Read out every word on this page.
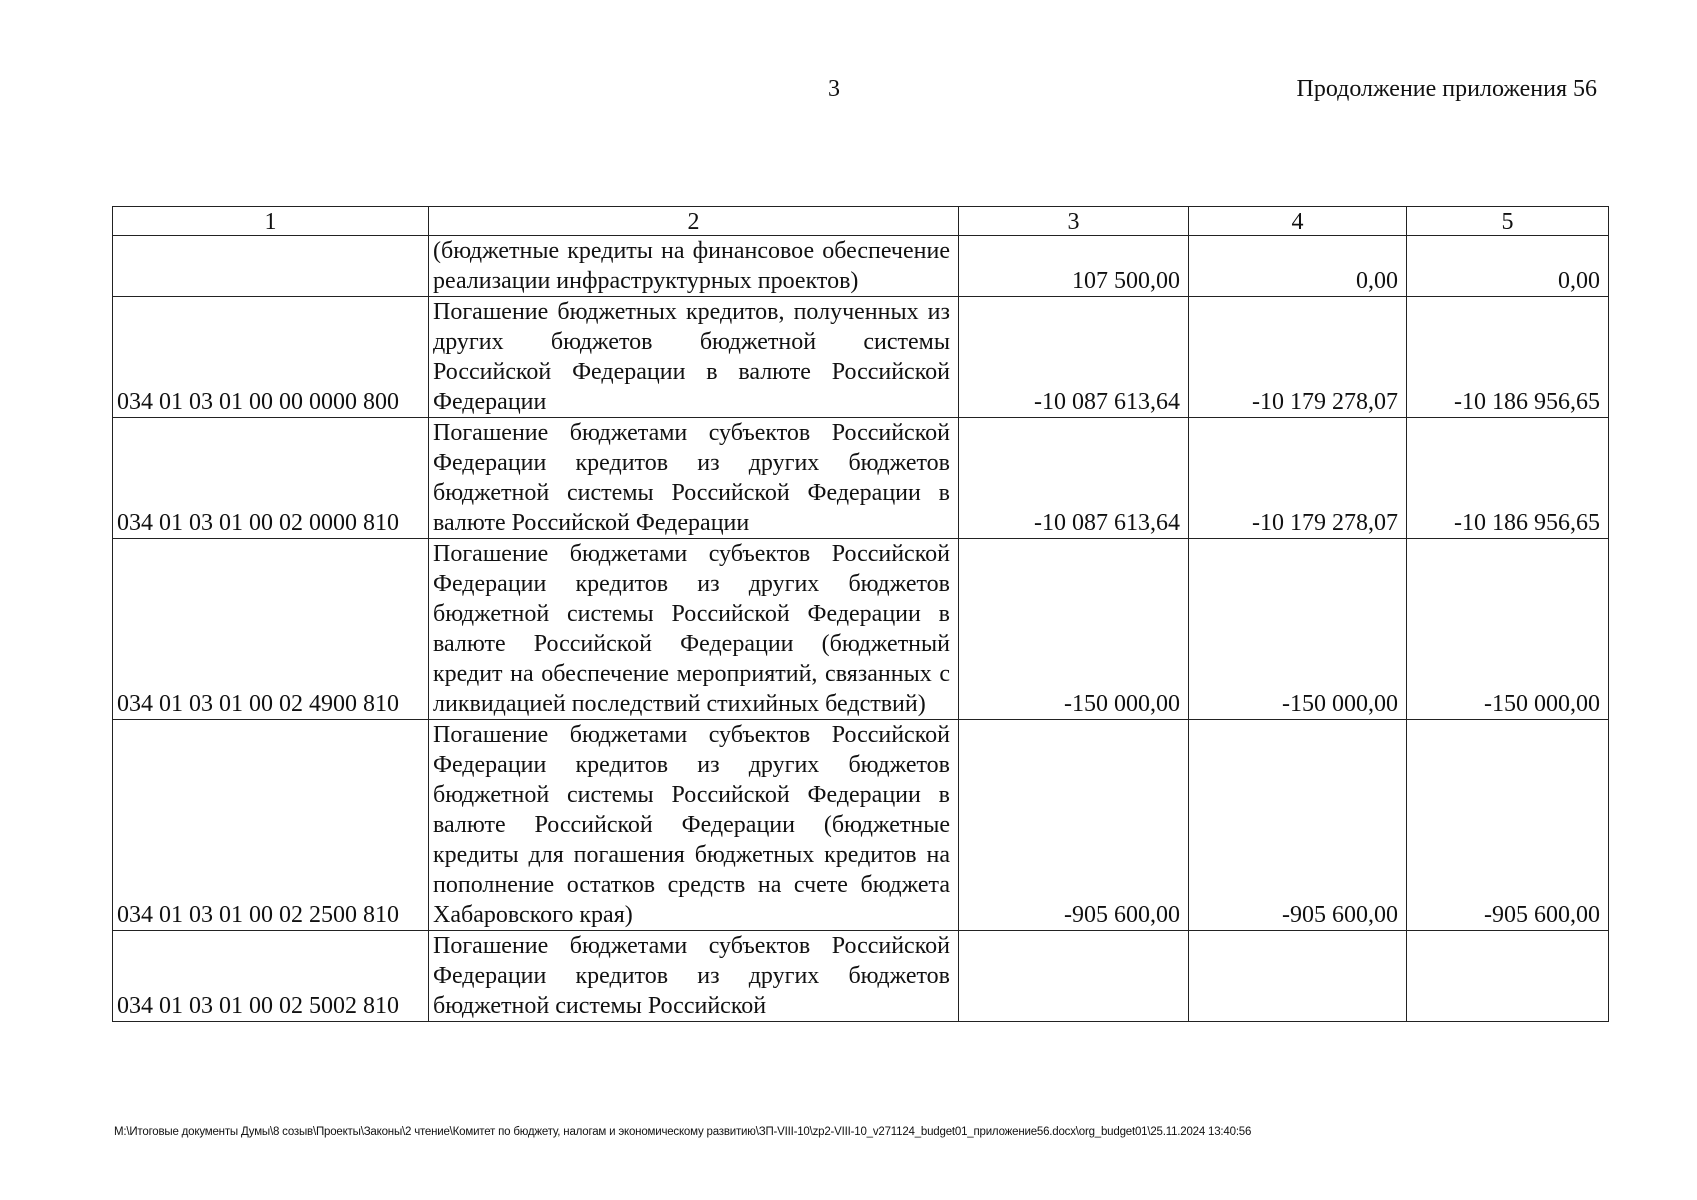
3	Продолжение приложения 56
1	2	3	4	5
	(бюджетные кредиты на финансовое обеспечение реализации инфраструктурных проектов)	107 500,00	0,00	0,00
034 01 03 01 00 00 0000 800	Погашение бюджетных кредитов, полученных из других бюджетов бюджетной системы Российской Федерации в валюте Российской Федерации	-10 087 613,64	-10 179 278,07	-10 186 956,65
034 01 03 01 00 02 0000 810	Погашение бюджетами субъектов Российской Федерации кредитов из других бюджетов бюджетной системы Российской Федерации в валюте Российской Федерации	-10 087 613,64	-10 179 278,07	-10 186 956,65
034 01 03 01 00 02 4900 810	Погашение бюджетами субъектов Российской Федерации кредитов из других бюджетов бюджетной системы Российской Федерации в валюте Российской Федерации (бюджетный кредит на обеспечение мероприятий, связанных с ликвидацией последствий стихийных бедствий)	-150 000,00	-150 000,00	-150 000,00
034 01 03 01 00 02 2500 810	Погашение бюджетами субъектов Российской Федерации кредитов из других бюджетов бюджетной системы Российской Федерации в валюте Российской Федерации (бюджетные кредиты для погашения бюджетных кредитов на пополнение остатков средств на счете бюджета Хабаровского края)	-905 600,00	-905 600,00	-905 600,00
034 01 03 01 00 02 5002 810	Погашение бюджетами субъектов Российской Федерации кредитов из других бюджетов бюджетной системы Российской			
M:\Итоговые документы Думы\8 созыв\Проекты\Законы\2 чтение\Комитет по бюджету, налогам и экономическому развитию\ЗП-VIII-10\zp2-VIII-10_v271124_budget01_приложение56.docx\org_budget01\25.11.2024 13:40:56
